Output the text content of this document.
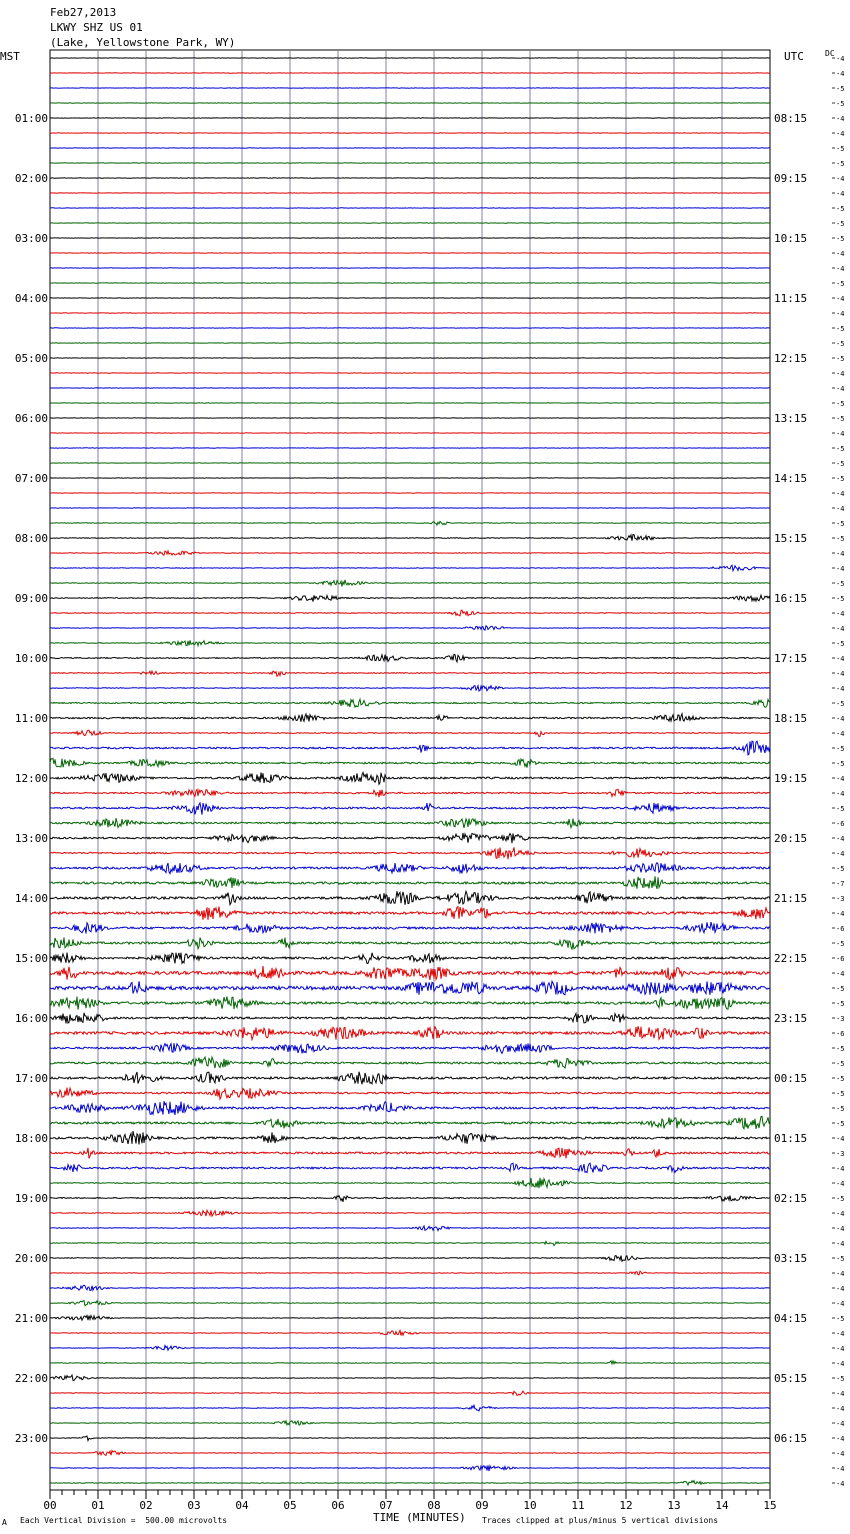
Feb27,2013
LKWY SHZ US 01
(Lake, Yellowstone Park, WY)
MST	UTC	DC
00	01	02	03	04	05	06	07	08	09	10	11	12	13	14	15
-4
-4
-5
-5
-4
-4
-5
-5
-4
-4
-5
-5
-5
-4
-4
-5
-4
-4
-5
-5
-5
-4
-4
-5
-5
-4
-5
-5
-5
-4
-4
-5
-5
-4
-4
-5
-5
-4
-4
-5
-4
-4
-4
-5
-4
-4
-5
-5
-4
-4
-5
-6
-4
-4
-5
-7
-3
-4
-6
-5
-6
-4
-5
-5
-3
-6
-5
-5
-5
-5
-5
-5
-4
-3
-4
-4
-5
-4
-4
-4
-5
-4
-4
-4
-5
-4
-4
-4
-5
-4
-4
-4
-4
-4
-4
-4
01:00
02:00
03:00
04:00
05:00
06:00
07:00
08:00
09:00
10:00
11:00
12:00
13:00
14:00
15:00
16:00
17:00
18:00
19:00
20:00
21:00
22:00
23:00
08:15
09:15
10:15
11:15
12:15
13:15
14:15
15:15
16:15
17:15
18:15
19:15
20:15
21:15
22:15
23:15
00:15
01:15
02:15
03:15
04:15
05:15
06:15
Each Vertical Division =  500.00 microvolts	TIME (MINUTES) Traces clipped at plus/minus 5 vertical divisions
A
